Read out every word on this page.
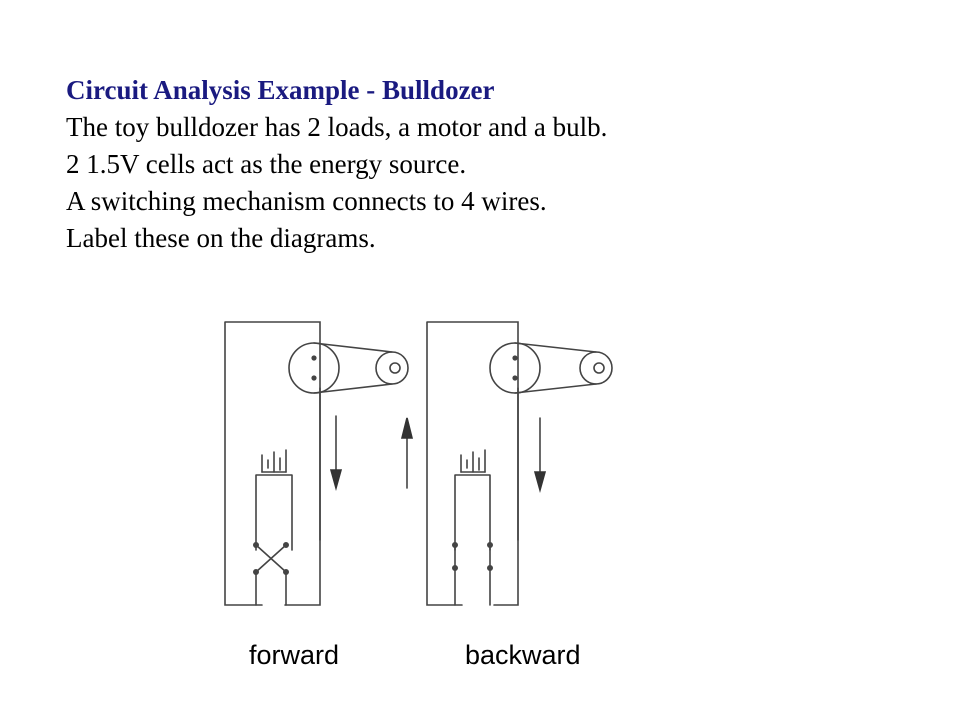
Circuit Analysis Example - Bulldozer
The toy bulldozer has 2 loads, a motor and a bulb.
2 1.5V cells act as the energy source.
A switching mechanism connects to 4 wires.
Label these on the diagrams.
forward	backward
